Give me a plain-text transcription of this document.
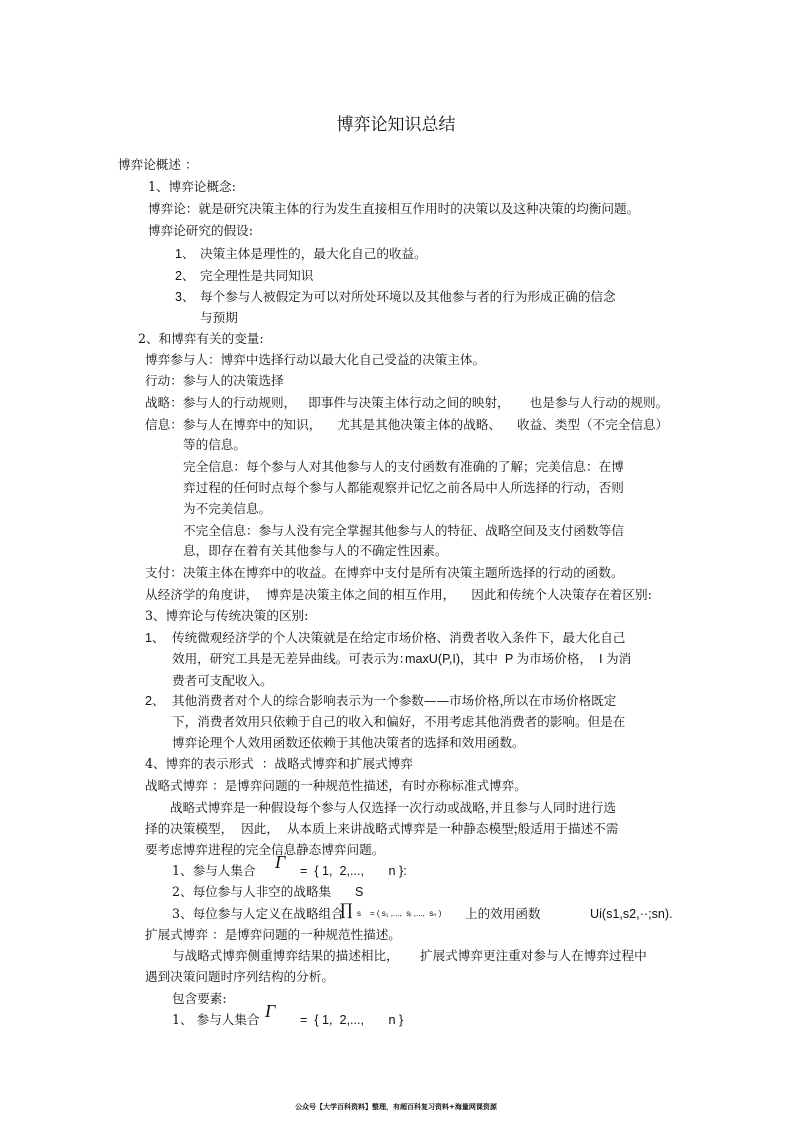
博弈论知识总结
博弈论概述 ：
1、博弈论概念:
博弈论：就是研究决策主体的行为发生直接相互作用时的决策以及这种决策的均衡问题。
博弈论研究的假设:
1、 决策主体是理性的，最大化自己的收益。
2、 完全理性是共同知识
3、 每个参与人被假定为可以对所处环境以及其他参与者的行为形成正确的信念
与预期
2、和博弈有关的变量:
博弈参与人：博弈中选择行动以最大化自己受益的决策主体。
行动：参与人的决策选择
战略：参与人的行动规则，   即事件与决策主体行动之间的映射，     也是参与人行动的规则。
信息：参与人在博弈中的知识，    尤其是其他决策主体的战略、    收益、类型（不完全信息）
等的信息。
完全信息：每个参与人对其他参与人的支付函数有准确的了解；完美信息：在博
弈过程的任何时点每个参与人都能观察并记忆之前各局中人所选择的行动，否则
为不完美信息。
不完全信息：参与人没有完全掌握其他参与人的特征、战略空间及支付函数等信
息，即存在着有关其他参与人的不确定性因素。
支付：决策主体在博弈中的收益。在博弈中支付是所有决策主题所选择的行动的函数。
从经济学的角度讲，  博弈是决策主体之间的相互作用，    因此和传统个人决策存在着区别:
3、博弈论与传统决策的区别:
1、 传统微观经济学的个人决策就是在给定市场价格、消费者收入条件下，最大化自己
效用，研究工具是无差异曲线。可表示为：
maxU(P,I)，其中  P 为市场价格，  I 为消
费者可支配收入。
2、 其他消费者对个人的综合影响表示为一个参数——市场价格，
所以在市场价格既定
下，消费者效用只依赖于自己的收入和偏好，不用考虑其他消费者的影响。但是在
博弈论理个人效用函数还依赖于其他决策者的选择和效用函数。
4、博弈的表示形式  ：战略式博弈和扩展式博弈
战略式博弈 ：是博弈问题的一种规范性描述，有时亦称标准式博弈。
战略式博弈是一种假设每个参与人仅选择一次行动或战略，
并且参与人同时进行选
择的决策模型，  因此，  从本质上来讲战略式博弈是一种静态模型，
一般适用于描述不需
要考虑博弈进程的完全信息静态博弈问题。
1、参与人集合 Γ =  { 1,  2,...,       n }:
2、每位参与人非空的战略集 S
3、每位参与人定义在战略组合
∏ s = ( s₁ ,...,  sᵢ ,...,  sₙ ) 上的效用函数	Ui(s1,s2,··;sn).
扩展式博弈 ：是博弈问题的一种规范性描述。
与战略式博弈侧重博弈结果的描述相比， 扩展式博弈更注重对参与人在博弈过程中
遇到决策问题时序列结构的分析。
包含要素:
1、 参与人集合 Γ =  { 1,  2,...,       n }
公众号【大学百科资料】整理，有超百科复习资料+海量网课资源
